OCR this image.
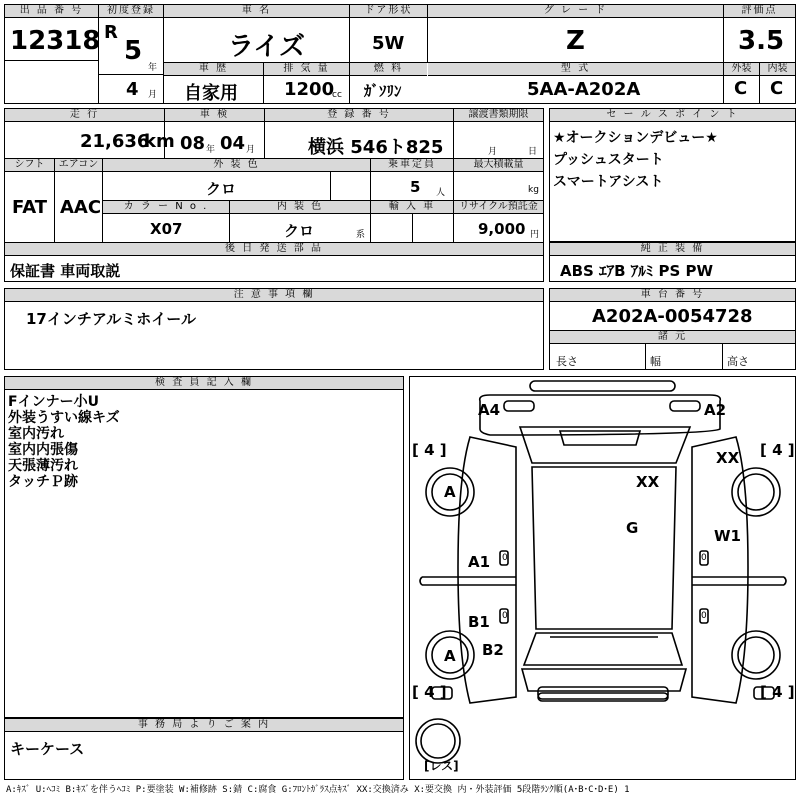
出 品 番 号
12318
初度登録
R
5
年
4 月
車 名
ライズ
ドア形状
5W
グ レ ー ド
Z
評価点
3.5
車 歴
自家用
排 気 量
1200
cc
燃 料
ｶﾞｿﾘﾝ
型 式
5AA-A202A
外装	内装
C C
走 行
21,636
km
車 検
08 年 04 月
登 録 番 号
横浜 546ト825
譲渡書類期限
月	日
シフト	エアコン
FAT AAC
外 装 色
クロ
乗車定員
5 人
最大積載量
kg
カ ラ ー N o .
X07
内 装 色
クロ	系
輸 入 車	リサイクル預託金
9,000 円
後 日 発 送 部 品
保証書 車両取説
セ ー ル ス ポ イ ン ト
★オークションデビュー★
プッシュスタート
スマートアシスト
純 正 装 備
ABS ｴｱB ｱﾙﾐ PS PW
注 意 事 項 欄
17インチアルミホイール
車 台 番 号
A202A-0054728
諸 元
長さ	幅	高さ
検 査 員 記 入 欄
Fインナー小U
外装うすい線キズ
室内汚れ
室内内張傷
天張薄汚れ
タッチＰ跡
事 務 局 よ り ご 案 内
キーケース
A4	A2
XX
XX
G	W1
A1
B1
B2
A
A
[ 4 ]	[ 4 ]
[ 4 ]	[ 4 ]
[レス]
0
0
0
0
A:ｷｽﾞ U:ﾍｺﾐ B:ｷｽﾞを伴うﾍｺﾐ P:要塗装 W:補修跡 S:錆 C:腐食 G:ﾌﾛﾝﾄｶﾞﾗｽ点ｷｽﾞ XX:交換済み X:要交換 内・外装評価 5段階ﾗﾝｸ順(A･B･C･D･E) 1
